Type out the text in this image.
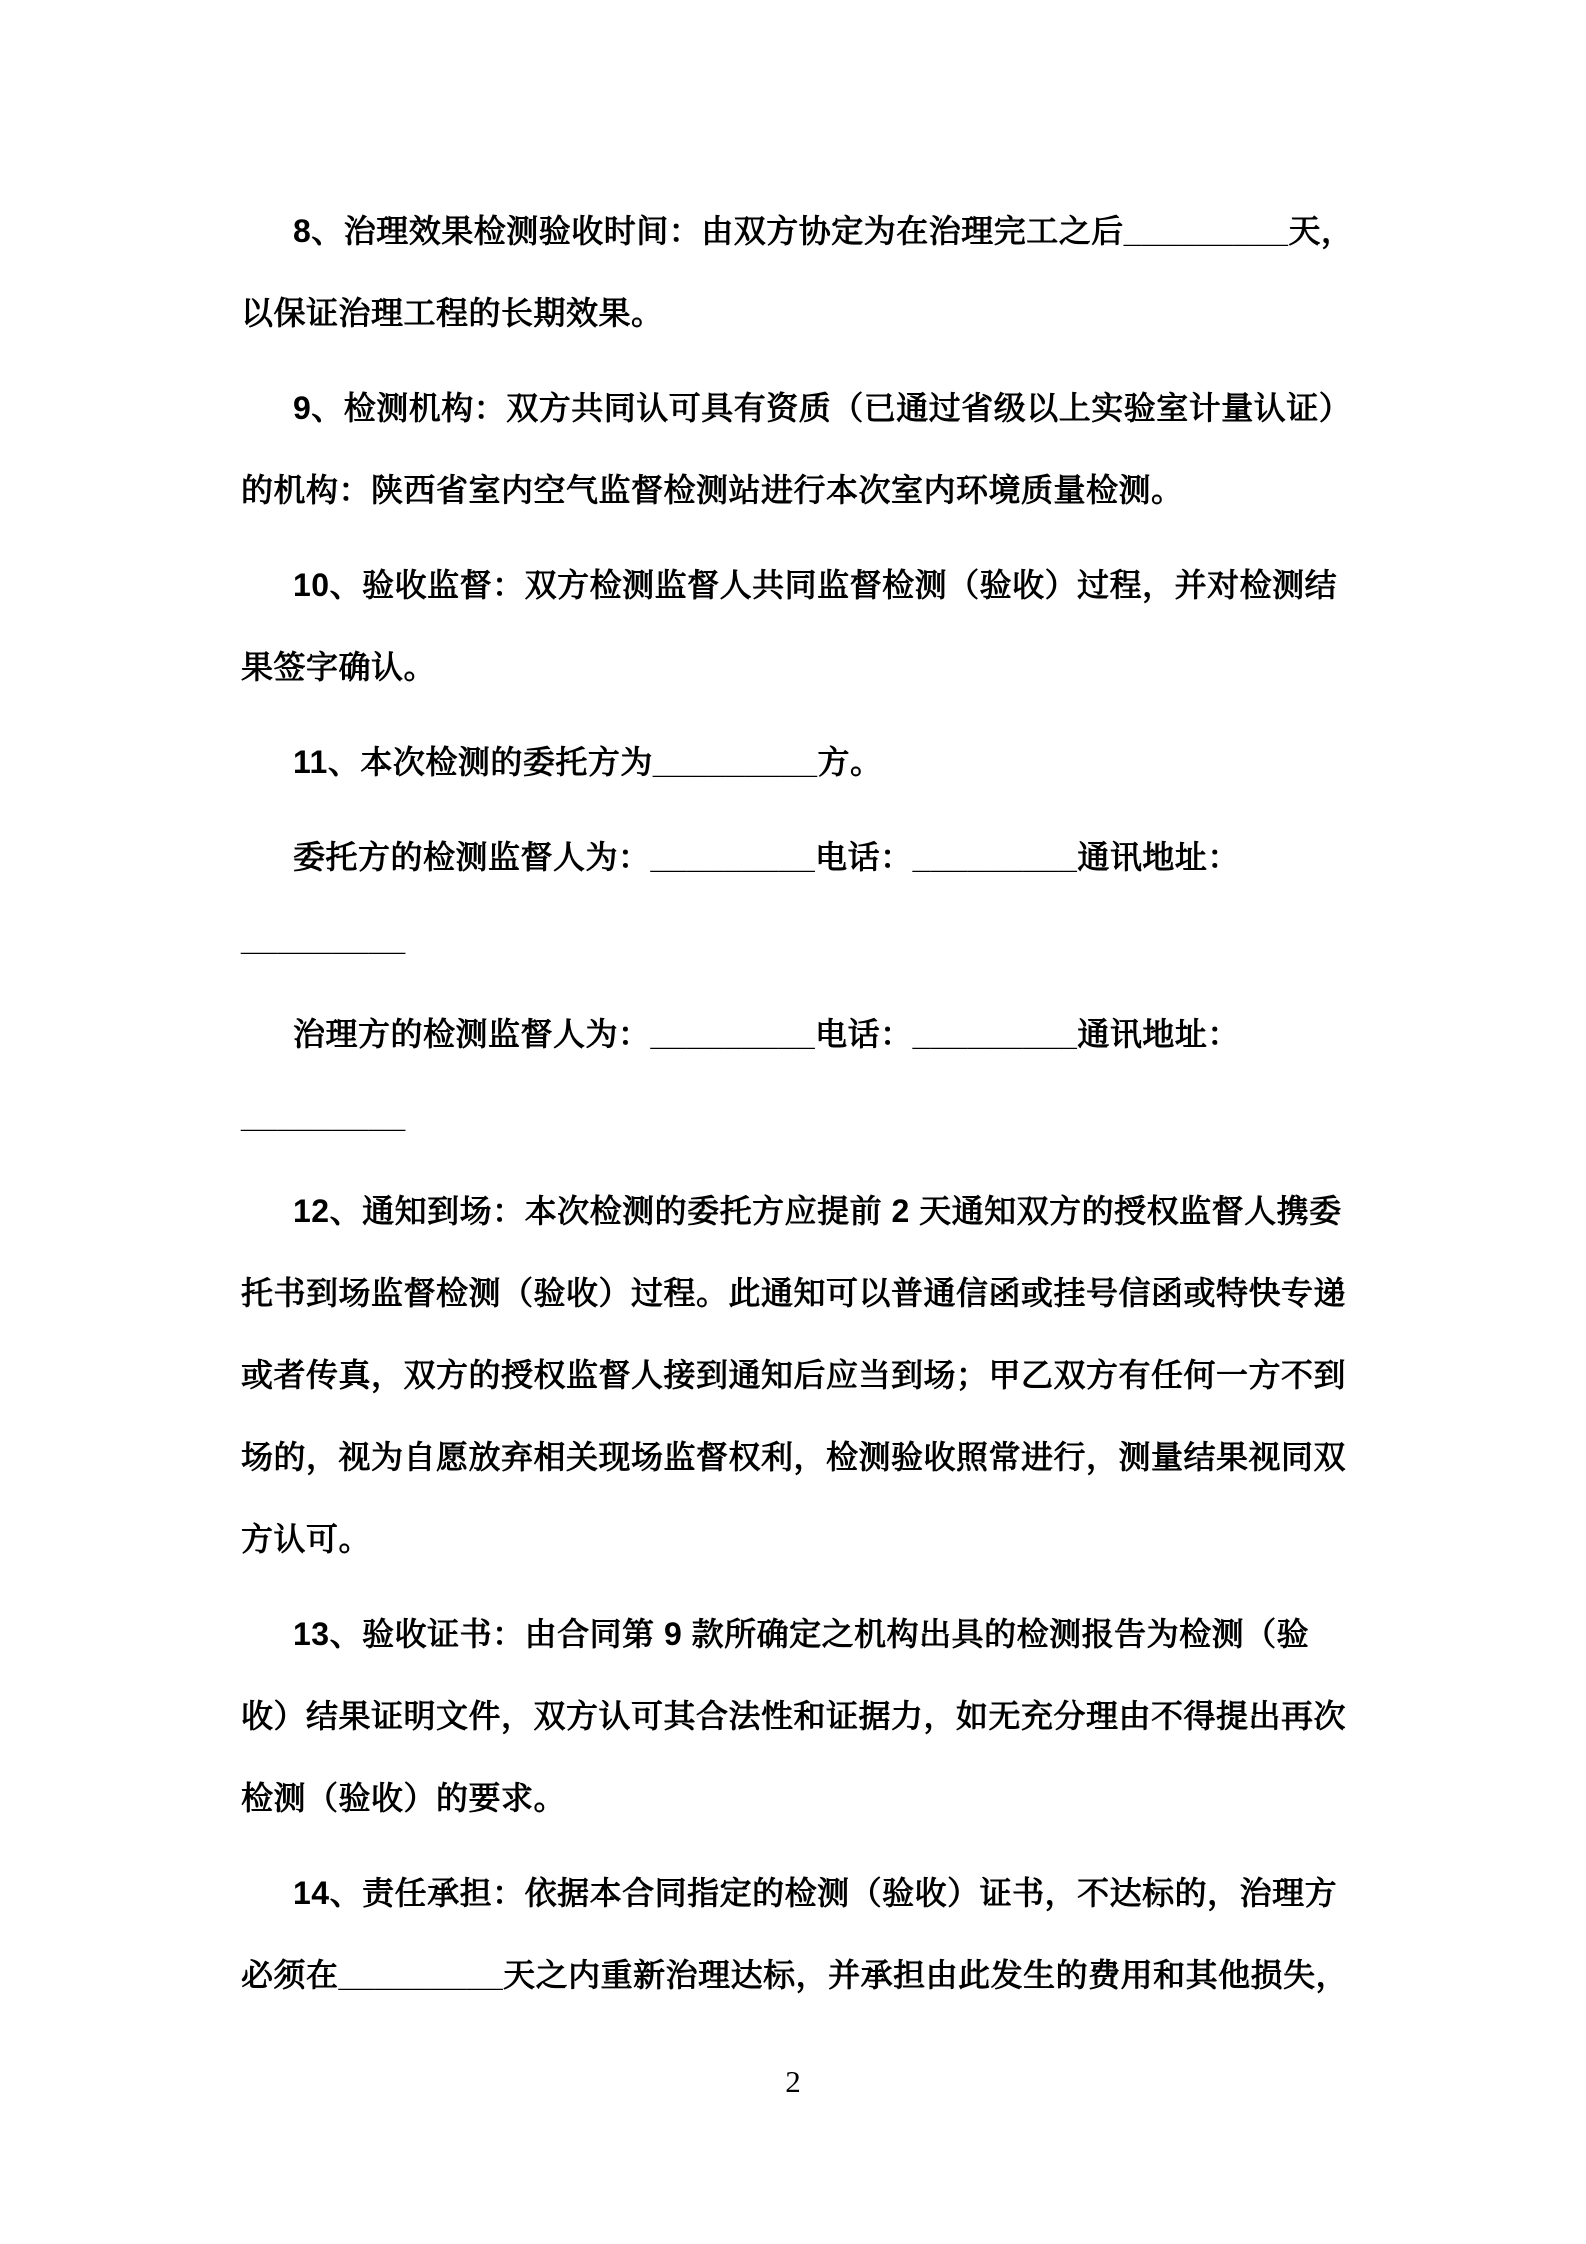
8、治理效果检测验收时间：由双方协定为在治理完工之后_________天，
以保证治理工程的长期效果。
9、检测机构：双方共同认可具有资质（已通过省级以上实验室计量认证）
的机构：陕西省室内空气监督检测站进行本次室内环境质量检测。
10、验收监督：双方检测监督人共同监督检测（验收）过程，并对检测结
果签字确认。
11、本次检测的委托方为_________方。
委托方的检测监督人为：_________电话：_________通讯地址：
_________
治理方的检测监督人为：_________电话：_________通讯地址：
_________
12、通知到场：本次检测的委托方应提前 2 天通知双方的授权监督人携委
托书到场监督检测（验收）过程。此通知可以普通信函或挂号信函或特快专递
或者传真，双方的授权监督人接到通知后应当到场；甲乙双方有任何一方不到
场的，视为自愿放弃相关现场监督权利，检测验收照常进行，测量结果视同双
方认可。
13、验收证书：由合同第 9 款所确定之机构出具的检测报告为检测（验
收）结果证明文件，双方认可其合法性和证据力，如无充分理由不得提出再次
检测（验收）的要求。
14、责任承担：依据本合同指定的检测（验收）证书，不达标的，治理方
必须在_________天之内重新治理达标，并承担由此发生的费用和其他损失，
2
